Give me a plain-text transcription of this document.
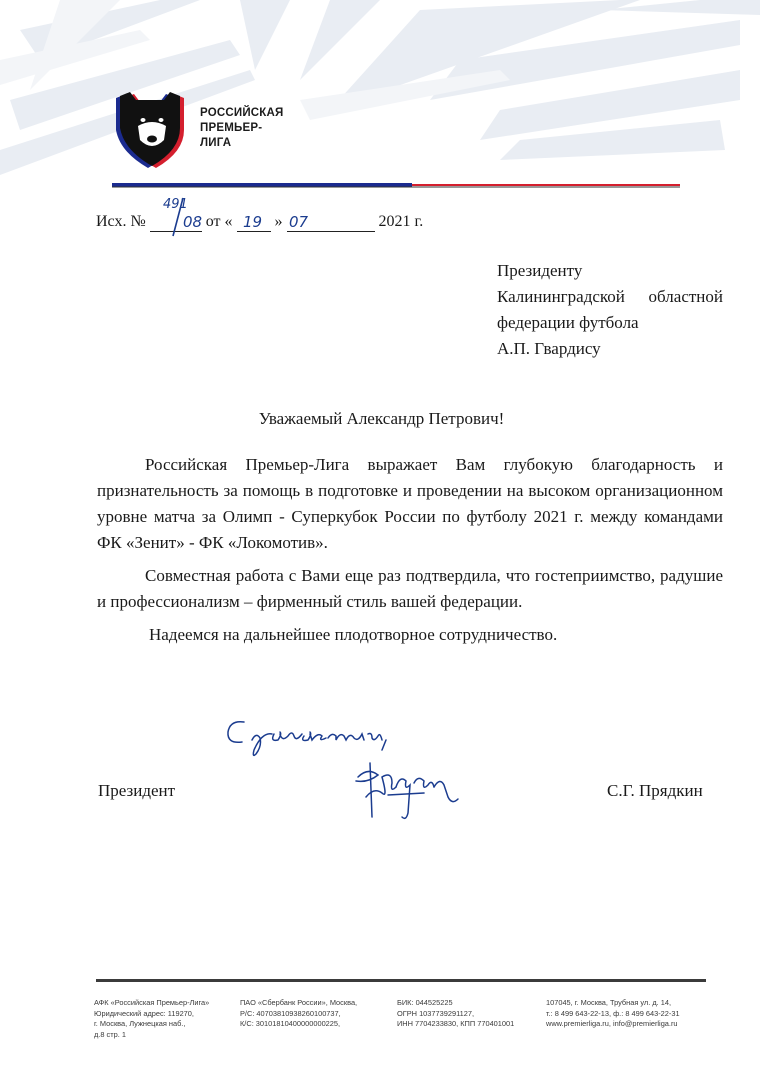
РОССИЙСКАЯ
ПРЕМЬЕР-
ЛИГА
Исх. №	от «	»	2021 г.
491
08	19 07
Президенту
Калининградской областной
федерации футбола
А.П. Гвардису
Уважаемый Александр Петрович!
Российская Премьер-Лига выражает Вам глубокую благодарность и признательность за помощь в подготовке и проведении на высоком организационном уровне матча за Олимп - Суперкубок России по футболу 2021 г. между командами ФК «Зенит» - ФК «Локомотив».
Совместная работа с Вами еще раз подтвердила, что гостеприимство, радушие и профессионализм – фирменный стиль вашей федерации.
Надеемся на дальнейшее плодотворное сотрудничество.
Президент	С.Г. Прядкин
АФК «Российская Премьер-Лига»
Юридический адрес: 119270,
г. Москва, Лужнецкая наб.,
д.8 стр. 1
ПАО «Сбербанк России», Москва,
Р/С: 40703810938260100737,
К/С: 30101810400000000225,
БИК: 044525225
ОГРН 1037739291127,
ИНН 7704233830, КПП 770401001
107045, г. Москва, Трубная ул. д. 14,
т.: 8 499 643-22-13, ф.: 8 499 643-22-31
www.premierliga.ru, info@premierliga.ru
